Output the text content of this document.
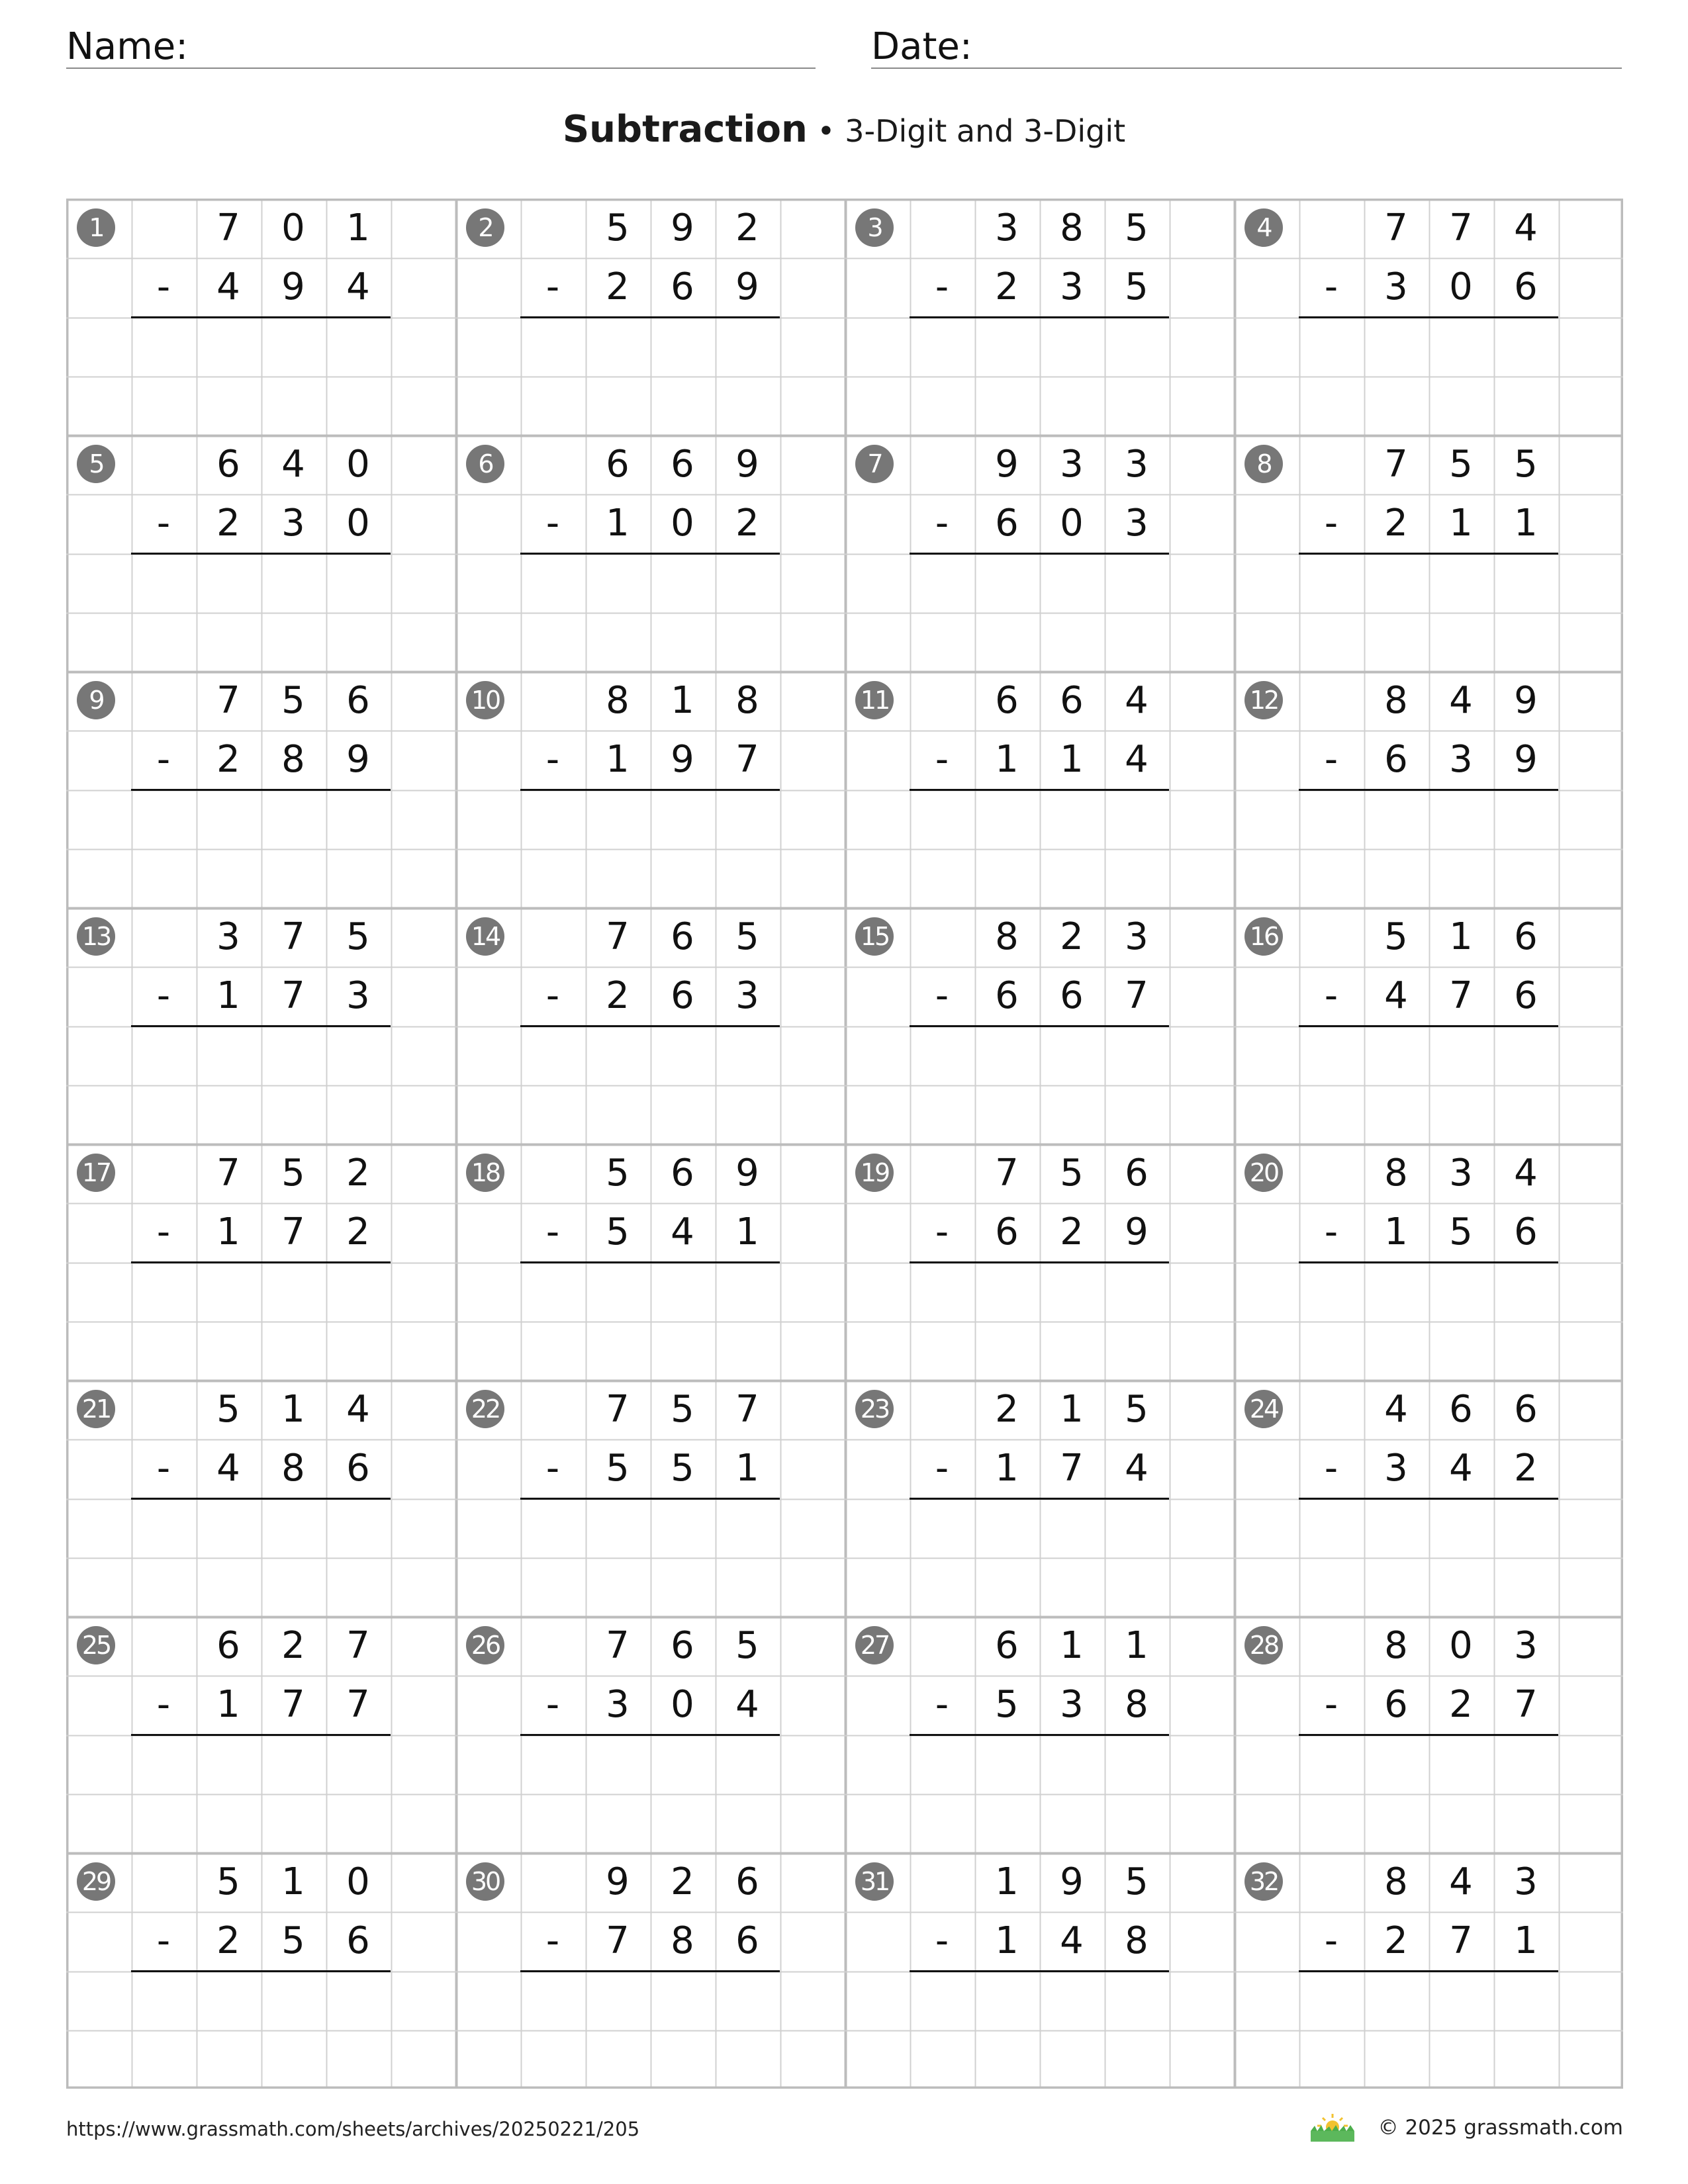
Name:	Date:
Subtraction • 3-Digit and 3-Digit
1	7	0	1
-	4	9	4
2	5	9	2
-	2	6	9
3	3	8	5
-	2	3	5
4	7	7	4
-	3	0	6
5	6	4	0
-	2	3	0
6	6	6	9
-	1	0	2
7	9	3	3
-	6	0	3
8	7	5	5
-	2	1	1
9	7	5	6
-	2	8	9
10	8	1	8
-	1	9	7
11	6	6	4
-	1	1	4
12	8	4	9
-	6	3	9
13	3	7	5
-	1	7	3
14	7	6	5
-	2	6	3
15	8	2	3
-	6	6	7
16	5	1	6
-	4	7	6
17	7	5	2
-	1	7	2
18	5	6	9
-	5	4	1
19	7	5	6
-	6	2	9
20	8	3	4
-	1	5	6
21	5	1	4
-	4	8	6
22	7	5	7
-	5	5	1
23	2	1	5
-	1	7	4
24	4	6	6
-	3	4	2
25	6	2	7
-	1	7	7
26	7	6	5
-	3	0	4
27	6	1	1
-	5	3	8
28	8	0	3
-	6	2	7
29	5	1	0
-	2	5	6
30	9	2	6
-	7	8	6
31	1	9	5
-	1	4	8
32	8	4	3
-	2	7	1
https://www.grassmath.com/sheets/archives/20250221/205	© 2025 grassmath.com
